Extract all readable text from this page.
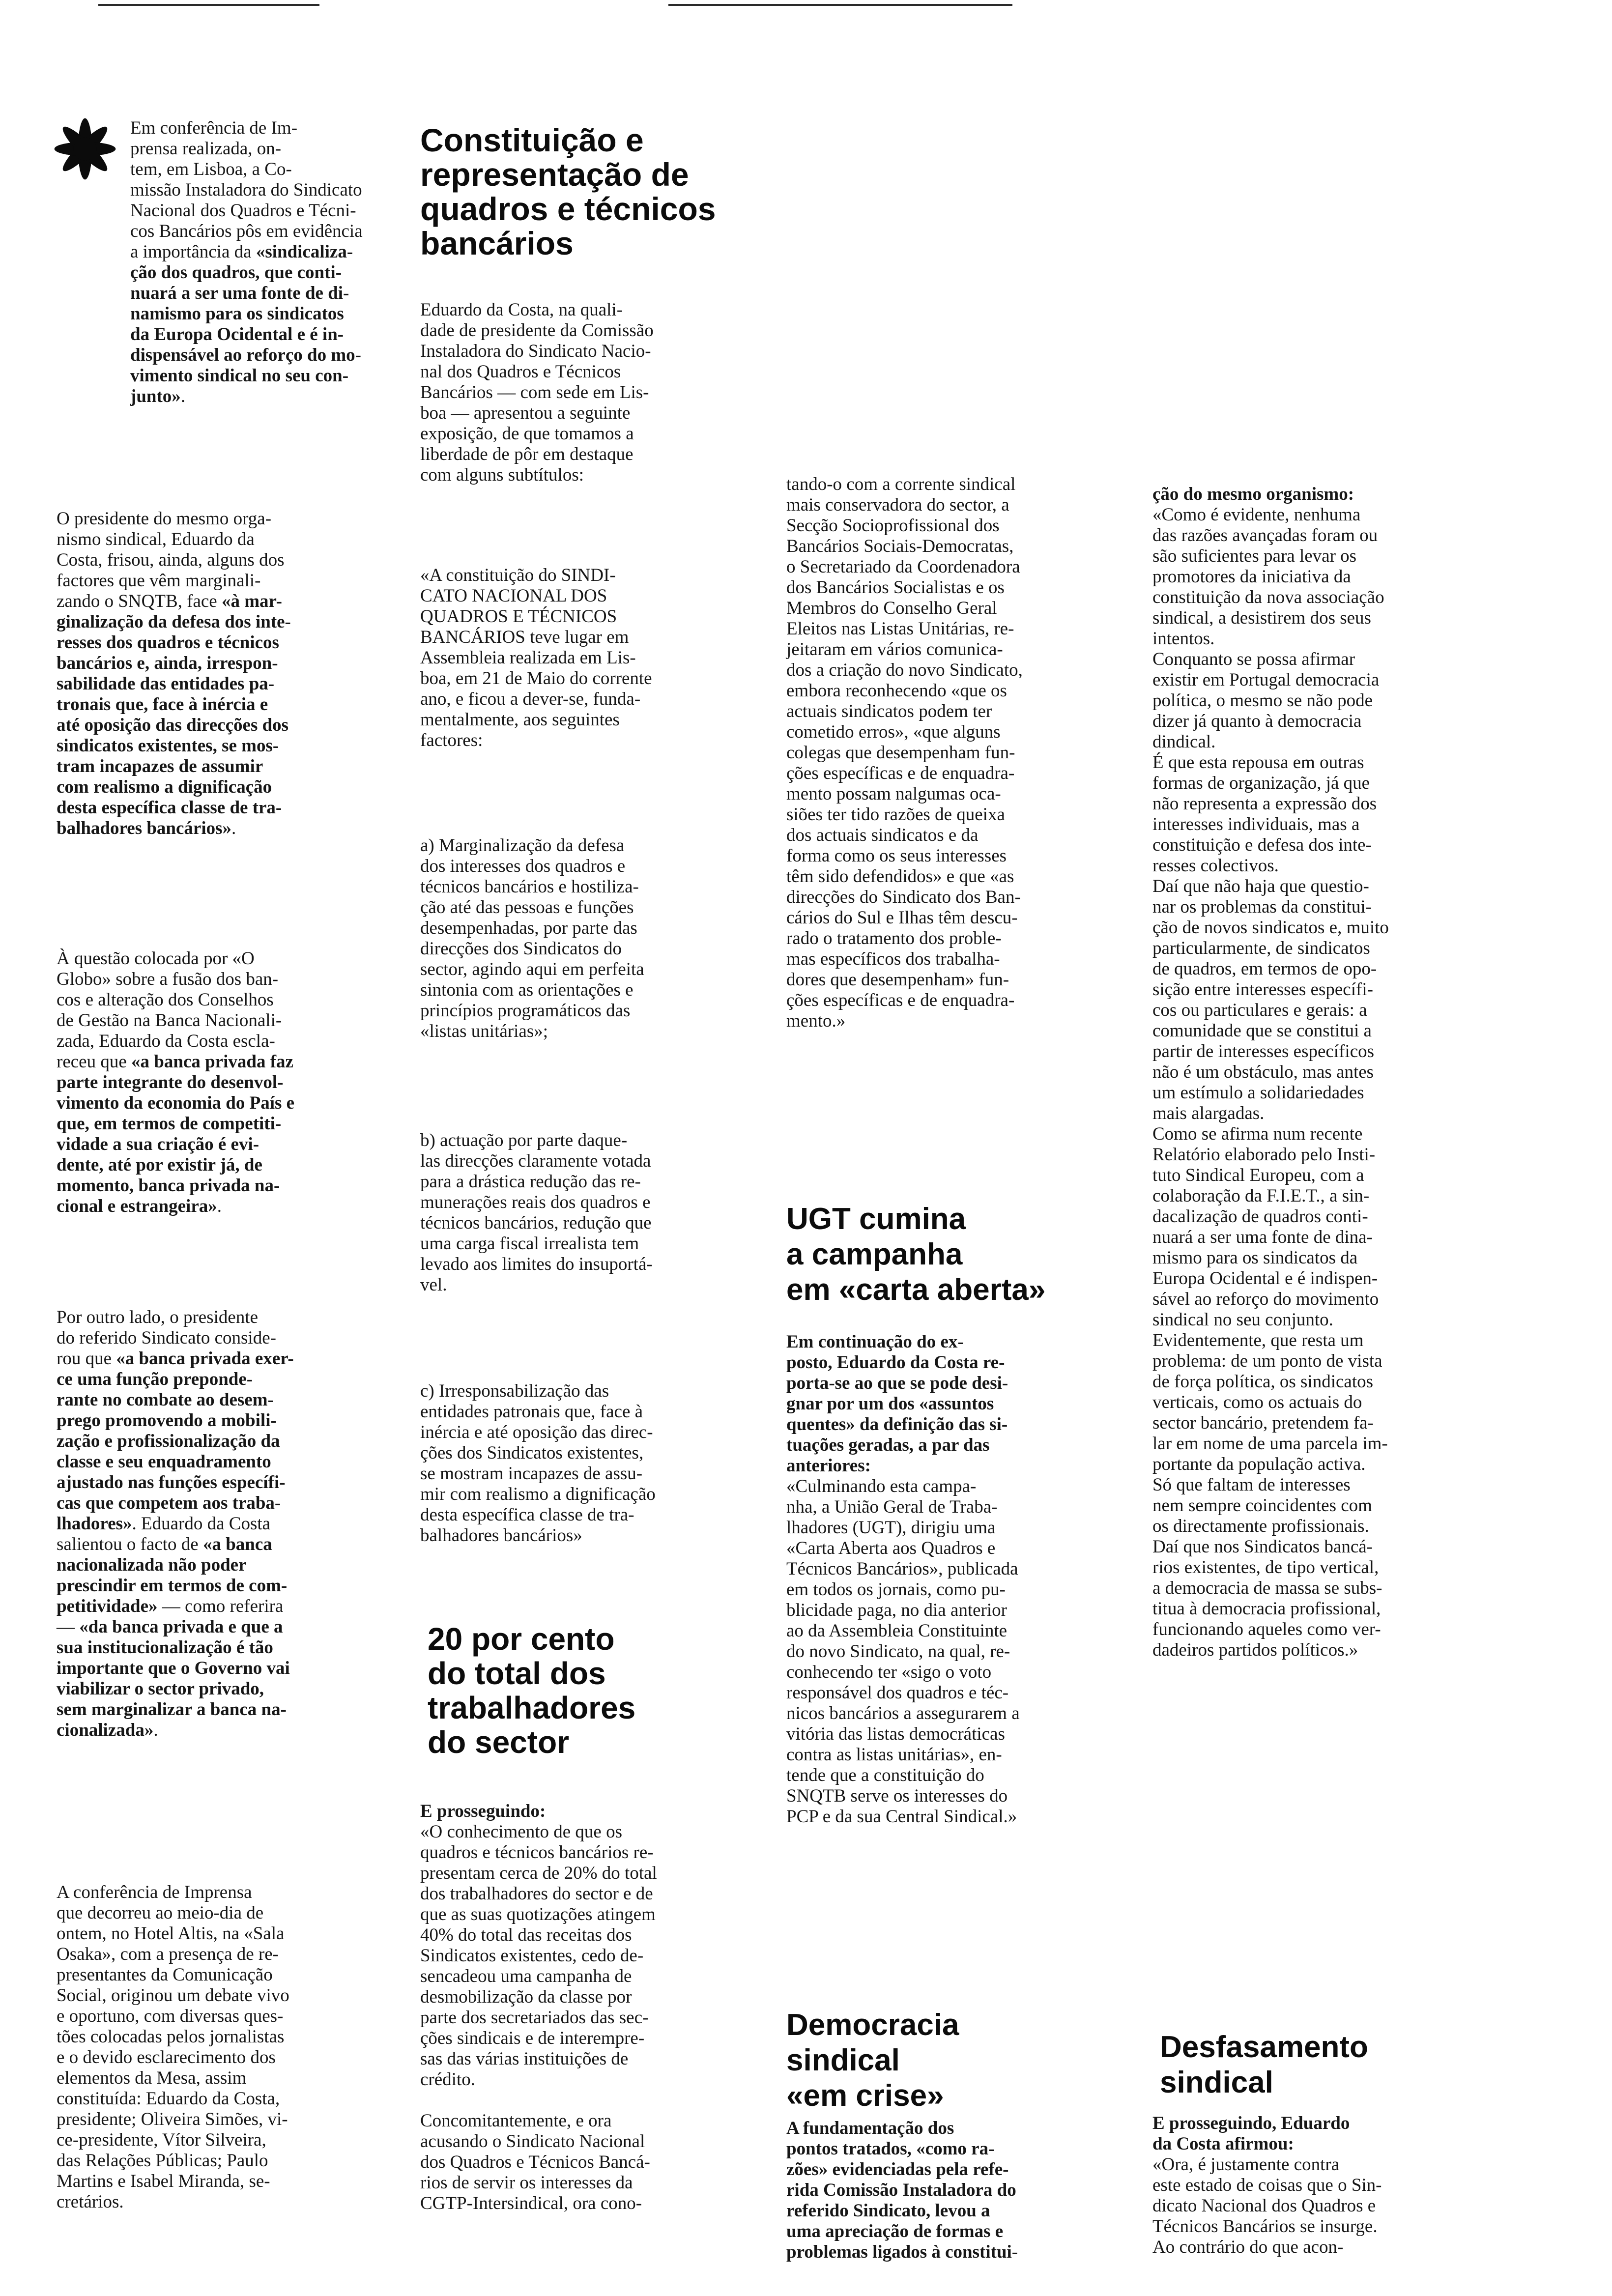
Em conferência de Im-
prensa realizada, on-
tem, em Lisboa, a Co-
missão Instaladora do Sindicato
Nacional dos Quadros e Técni-
cos Bancários pôs em evidência
a importância da «sindicaliza-
ção dos quadros, que conti-
nuará a ser uma fonte de di-
namismo para os sindicatos
da Europa Ocidental e é in-
dispensável ao reforço do mo-
vimento sindical no seu con-
junto».
O presidente do mesmo orga-
nismo sindical, Eduardo da
Costa, frisou, ainda, alguns dos
factores que vêm marginali-
zando o SNQTB, face «à mar-
ginalização da defesa dos inte-
resses dos quadros e técnicos
bancários e, ainda, irrespon-
sabilidade das entidades pa-
tronais que, face à inércia e
até oposição das direcções dos
sindicatos existentes, se mos-
tram incapazes de assumir
com realismo a dignificação
desta específica classe de tra-
balhadores bancários».
À questão colocada por «O
Globo» sobre a fusão dos ban-
cos e alteração dos Conselhos
de Gestão na Banca Nacionali-
zada, Eduardo da Costa escla-
receu que «a banca privada faz
parte integrante do desenvol-
vimento da economia do País e
que, em termos de competiti-
vidade a sua criação é evi-
dente, até por existir já, de
momento, banca privada na-
cional e estrangeira».
Por outro lado, o presidente
do referido Sindicato conside-
rou que «a banca privada exer-
ce uma função preponde-
rante no combate ao desem-
prego promovendo a mobili-
zação e profissionalização da
classe e seu enquadramento
ajustado nas funções específi-
cas que competem aos traba-
lhadores». Eduardo da Costa
salientou o facto de «a banca
nacionalizada não poder
prescindir em termos de com-
petitividade» — como referira
— «da banca privada e que a
sua institucionalização é tão
importante que o Governo vai
viabilizar o sector privado,
sem marginalizar a banca na-
cionalizada».
A conferência de Imprensa
que decorreu ao meio-dia de
ontem, no Hotel Altis, na «Sala
Osaka», com a presença de re-
presentantes da Comunicação
Social, originou um debate vivo
e oportuno, com diversas ques-
tões colocadas pelos jornalistas
e o devido esclarecimento dos
elementos da Mesa, assim
constituída: Eduardo da Costa,
presidente; Oliveira Simões, vi-
ce-presidente, Vítor Silveira,
das Relações Públicas; Paulo
Martins e Isabel Miranda, se-
cretários.
Constituição e
representação de
quadros e técnicos
bancários
Eduardo da Costa, na quali-
dade de presidente da Comissão
Instaladora do Sindicato Nacio-
nal dos Quadros e Técnicos
Bancários — com sede em Lis-
boa — apresentou a seguinte
exposição, de que tomamos a
liberdade de pôr em destaque
com alguns subtítulos:
«A constituição do SINDI-
CATO NACIONAL DOS
QUADROS E TÉCNICOS
BANCÁRIOS teve lugar em
Assembleia realizada em Lis-
boa, em 21 de Maio do corrente
ano, e ficou a dever-se, funda-
mentalmente, aos seguintes
factores:
a) Marginalização da defesa
dos interesses dos quadros e
técnicos bancários e hostiliza-
ção até das pessoas e funções
desempenhadas, por parte das
direcções dos Sindicatos do
sector, agindo aqui em perfeita
sintonia com as orientações e
princípios programáticos das
«listas unitárias»;
b) actuação por parte daque-
las direcções claramente votada
para a drástica redução das re-
munerações reais dos quadros e
técnicos bancários, redução que
uma carga fiscal irrealista tem
levado aos limites do insuportá-
vel.
c) Irresponsabilização das
entidades patronais que, face à
inércia e até oposição das direc-
ções dos Sindicatos existentes,
se mostram incapazes de assu-
mir com realismo a dignificação
desta específica classe de tra-
balhadores bancários»
20 por cento
do total dos
trabalhadores
do sector
E prosseguindo:
«O conhecimento de que os
quadros e técnicos bancários re-
presentam cerca de 20% do total
dos trabalhadores do sector e de
que as suas quotizações atingem
40% do total das receitas dos
Sindicatos existentes, cedo de-
sencadeou uma campanha de
desmobilização da classe por
parte dos secretariados das sec-
ções sindicais e de interempre-
sas das várias instituições de
crédito.
Concomitantemente, e ora
acusando o Sindicato Nacional
dos Quadros e Técnicos Bancá-
rios de servir os interesses da
CGTP-Intersindical, ora cono-
tando-o com a corrente sindical
mais conservadora do sector, a
Secção Socioprofissional dos
Bancários Sociais-Democratas,
o Secretariado da Coordenadora
dos Bancários Socialistas e os
Membros do Conselho Geral
Eleitos nas Listas Unitárias, re-
jeitaram em vários comunica-
dos a criação do novo Sindicato,
embora reconhecendo «que os
actuais sindicatos podem ter
cometido erros», «que alguns
colegas que desempenham fun-
ções específicas e de enquadra-
mento possam nalgumas oca-
siões ter tido razões de queixa
dos actuais sindicatos e da
forma como os seus interesses
têm sido defendidos» e que «as
direcções do Sindicato dos Ban-
cários do Sul e Ilhas têm descu-
rado o tratamento dos proble-
mas específicos dos trabalha-
dores que desempenham» fun-
ções específicas e de enquadra-
mento.»
UGT cumina
a campanha
em «carta aberta»
Em continuação do ex-
posto, Eduardo da Costa re-
porta-se ao que se pode desi-
gnar por um dos «assuntos
quentes» da definição das si-
tuações geradas, a par das
anteriores:
«Culminando esta campa-
nha, a União Geral de Traba-
lhadores (UGT), dirigiu uma
«Carta Aberta aos Quadros e
Técnicos Bancários», publicada
em todos os jornais, como pu-
blicidade paga, no dia anterior
ao da Assembleia Constituinte
do novo Sindicato, na qual, re-
conhecendo ter «sigo o voto
responsável dos quadros e téc-
nicos bancários a assegurarem a
vitória das listas democráticas
contra as listas unitárias», en-
tende que a constituição do
SNQTB serve os interesses do
PCP e da sua Central Sindical.»
Democracia
sindical
«em crise»
A fundamentação dos
pontos tratados, «como ra-
zões» evidenciadas pela refe-
rida Comissão Instaladora do
referido Sindicato, levou a
uma apreciação de formas e
problemas ligados à constitui-
ção do mesmo organismo:
«Como é evidente, nenhuma
das razões avançadas foram ou
são suficientes para levar os
promotores da iniciativa da
constituição da nova associação
sindical, a desistirem dos seus
intentos.
Conquanto se possa afirmar
existir em Portugal democracia
política, o mesmo se não pode
dizer já quanto à democracia
dindical.
É que esta repousa em outras
formas de organização, já que
não representa a expressão dos
interesses individuais, mas a
constituição e defesa dos inte-
resses colectivos.
Daí que não haja que questio-
nar os problemas da constitui-
ção de novos sindicatos e, muito
particularmente, de sindicatos
de quadros, em termos de opo-
sição entre interesses específi-
cos ou particulares e gerais: a
comunidade que se constitui a
partir de interesses específicos
não é um obstáculo, mas antes
um estímulo a solidariedades
mais alargadas.
Como se afirma num recente
Relatório elaborado pelo Insti-
tuto Sindical Europeu, com a
colaboração da F.I.E.T., a sin-
dacalização de quadros conti-
nuará a ser uma fonte de dina-
mismo para os sindicatos da
Europa Ocidental e é indispen-
sável ao reforço do movimento
sindical no seu conjunto.
Evidentemente, que resta um
problema: de um ponto de vista
de força política, os sindicatos
verticais, como os actuais do
sector bancário, pretendem fa-
lar em nome de uma parcela im-
portante da população activa.
Só que faltam de interesses
nem sempre coincidentes com
os directamente profissionais.
Daí que nos Sindicatos bancá-
rios existentes, de tipo vertical,
a democracia de massa se subs-
titua à democracia profissional,
funcionando aqueles como ver-
dadeiros partidos políticos.»
Desfasamento
sindical
E prosseguindo, Eduardo
da Costa afirmou:
«Ora, é justamente contra
este estado de coisas que o Sin-
dicato Nacional dos Quadros e
Técnicos Bancários se insurge.
Ao contrário do que acon-
